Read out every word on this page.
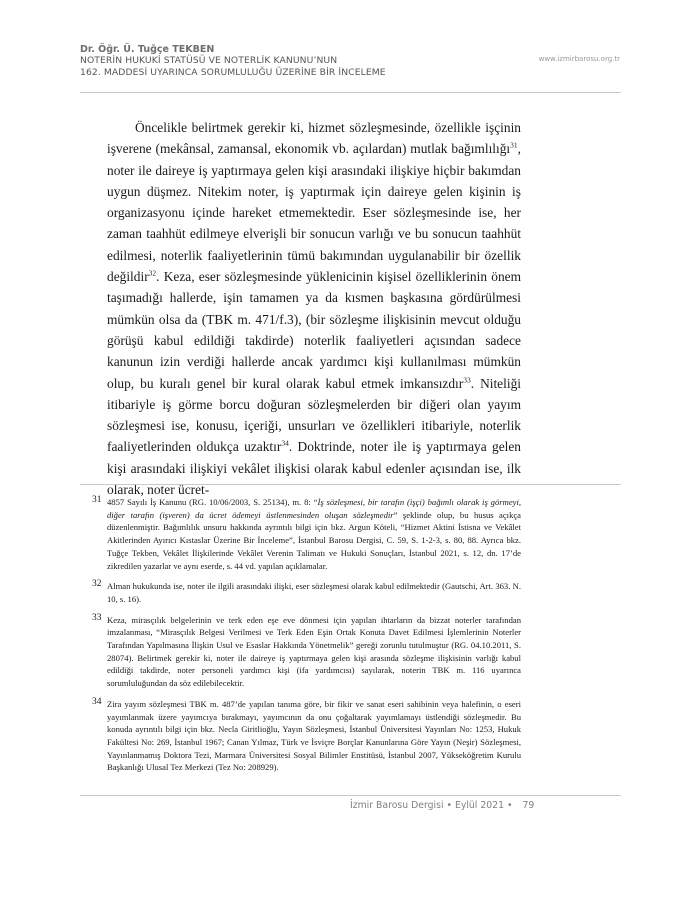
Dr. Öğr. Ü. Tuğçe TEKBEN
NOTERİN HUKUKİ STATÜSÜ VE NOTERLİK KANUNU’NUN
162. MADDESİ UYARINCA SORUMLULUĞU ÜZERİNE BİR İNCELEME
www.izmirbarosu.org.tr

Öncelikle belirtmek gerekir ki, hizmet sözleşmesinde, özellikle işçinin işverene (mekânsal, zamansal, ekonomik vb. açılardan) mutlak bağımlılığı$^{31}$, noter ile daireye iş yaptırmaya gelen kişi arasındaki ilişkiye hiçbir bakımdan uygun düşmez. Nitekim noter, iş yaptırmak için daireye gelen kişinin iş organizasyonu içinde hareket etmemektedir. Eser sözleşmesinde ise, her zaman taahhüt edilmeye elverişli bir sonucun varlığı ve bu sonucun taahhüt edilmesi, noterlik faaliyetlerinin tümü bakımından uygulanabilir bir özellik değildir$^{32}$. Keza, eser sözleşmesinde yüklenicinin kişisel özelliklerinin önem taşımadığı hallerde, işin tamamen ya da kısmen başkasına gördürülmesi mümkün olsa da (TBK m. 471/f.3), (bir sözleşme ilişkisinin mevcut olduğu görüşü kabul edildiği takdirde) noterlik faaliyetleri açısından sadece kanunun izin verdiği hallerde ancak yardımcı kişi kullanılması mümkün olup, bu kuralı genel bir kural olarak kabul etmek imkansızdır$^{33}$. Niteliği itibariyle iş görme borcu doğuran sözleşmelerden bir diğeri olan yayım sözleşmesi ise, konusu, içeriği, unsurları ve özellikleri itibariyle, noterlik faaliyetlerinden oldukça uzaktır$^{34}$. Doktrinde, noter ile iş yaptırmaya gelen kişi arasındaki ilişkiyi vekâlet ilişkisi olarak kabul edenler açısından ise, ilk olarak, noter ücret-

31 4857 Sayılı İş Kanunu (RG. 10/06/2003, S. 25134), m. 8: “İş sözleşmesi, bir tarafın (işçi) bağımlı olarak iş görmeyi, diğer tarafın (işveren) da ücret ödemeyi üstlenmesinden oluşan sözleşmedir” şeklinde olup, bu husus açıkça düzenlenmiştir. Bağımlılık unsuru hakkında ayrıntılı bilgi için bkz. Argun Köteli, “Hizmet Aktini İstisna ve Vekâlet Akitlerinden Ayırıcı Kıstaslar Üzerine Bir İnceleme”, İstanbul Barosu Dergisi, C. 59, S. 1-2-3, s. 80, 88. Ayrıca bkz. Tuğçe Tekben, Vekâlet İlişkilerinde Vekâlet Verenin Talimatı ve Hukuki Sonuçları, İstanbul 2021, s. 12, dn. 17’de zikredilen yazarlar ve aynı eserde, s. 44 vd. yapılan açıklamalar.
32 Alman hukukunda ise, noter ile ilgili arasındaki ilişki, eser sözleşmesi olarak kabul edilmektedir (Gautschi, Art. 363. N. 10, s. 16).
33 Keza, mirasçılık belgelerinin ve terk eden eşe eve dönmesi için yapılan ihtarların da bizzat noterler tarafından imzalanması, “Mirasçılık Belgesi Verilmesi ve Terk Eden Eşin Ortak Konuta Davet Edilmesi İşlemlerinin Noterler Tarafından Yapılmasına İlişkin Usul ve Esaslar Hakkında Yönetmelik” gereği zorunlu tutulmuştur (RG. 04.10.2011, S. 28074). Belirtmek gerekir ki, noter ile daireye iş yaptırmaya gelen kişi arasında sözleşme ilişkisinin varlığı kabul edildiği takdirde, noter personeli yardımcı kişi (ifa yardımcısı) sayılarak, noterin TBK m. 116 uyarınca sorumluluğundan da söz edilebilecektir.
34 Zira yayım sözleşmesi TBK m. 487’de yapılan tanıma göre, bir fikir ve sanat eseri sahibinin veya halefinin, o eseri yayımlanmak üzere yayımcıya bırakmayı, yayımcının da onu çoğaltarak yayımlamayı üstlendiği sözleşmedir. Bu konuda ayrıntılı bilgi için bkz. Necla Giritlioğlu, Yayın Sözleşmesi, İstanbul Üniversitesi Yayınları No: 1253, Hukuk Fakültesi No: 269, İstanbul 1967; Canan Yılmaz, Türk ve İsviçre Borçlar Kanunlarına Göre Yayın (Neşir) Sözleşmesi, Yayınlanmamış Doktora Tezi, Marmara Üniversitesi Sosyal Bilimler Enstitüsü, İstanbul 2007, Yükseköğretim Kurulu Başkanlığı Ulusal Tez Merkezi (Tez No: 208929).
İzmir Barosu Dergisi • Eylül 2021 • 79
